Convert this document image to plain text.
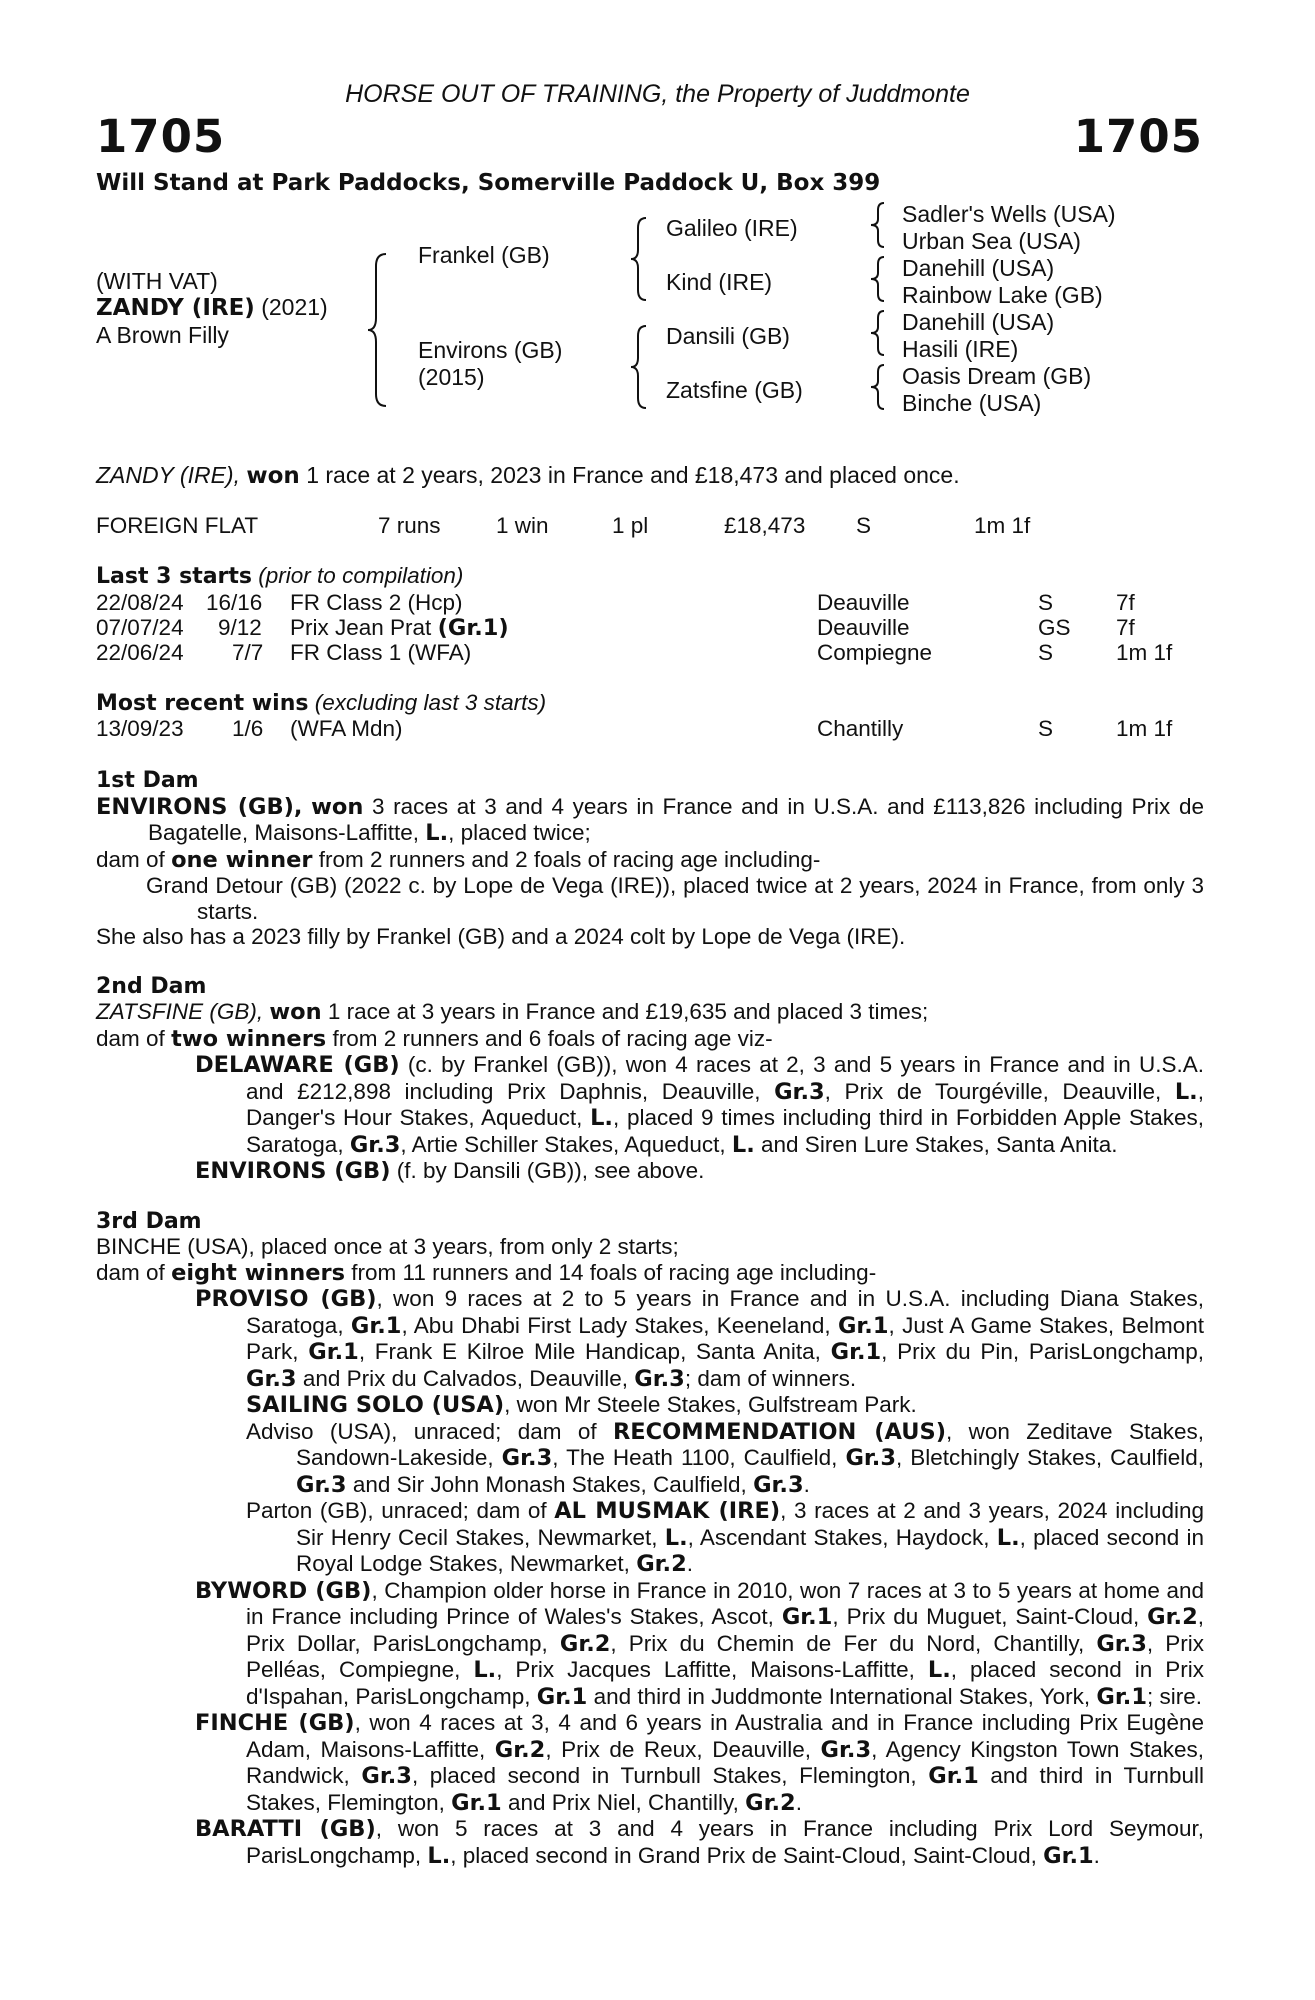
HORSE OUT OF TRAINING, the Property of Juddmonte
1705	1705
Will Stand at Park Paddocks, Somerville Paddock U, Box 399
(WITH VAT)
ZANDY (IRE) (2021)
A Brown Filly
Frankel (GB)
Environs (GB)
(2015)
Galileo (IRE)
Kind (IRE)
Dansili (GB)
Zatsfine (GB)
Sadler's Wells (USA)
Urban Sea (USA)
Danehill (USA)
Rainbow Lake (GB)
Danehill (USA)
Hasili (IRE)
Oasis Dream (GB)
Binche (USA)
ZANDY (IRE), won 1 race at 2 years, 2023 in France and £18,473 and placed once.
FOREIGN FLAT	7 runs 1 win	1 pl	£18,473 S	1m 1f
Last 3 starts (prior to compilation)
22/08/24 16/16 FR Class 2 (Hcp)	Deauville	S	7f
07/07/24 9/12 Prix Jean Prat (Gr.1)	Deauville	GS 7f
22/06/24 7/7 FR Class 1 (WFA)	Compiegne	S	1m 1f
Most recent wins (excluding last 3 starts)
13/09/23 1/6 (WFA Mdn)	Chantilly	S	1m 1f

1st Dam

ENVIRONS (GB), won 3 races at 3 and 4 years in France and in U.S.A. and £113,826 including Prix de Bagatelle, Maisons-Laffitte, L., placed twice;

dam of one winner from 2 runners and 2 foals of racing age including-

Grand Detour (GB) (2022 c. by Lope de Vega (IRE)), placed twice at 2 years, 2024 in France, from only 3 starts.

She also has a 2023 filly by Frankel (GB) and a 2024 colt by Lope de Vega (IRE).

2nd Dam

ZATSFINE (GB), won 1 race at 3 years in France and £19,635 and placed 3 times;

dam of two winners from 2 runners and 6 foals of racing age viz-

DELAWARE (GB) (c. by Frankel (GB)), won 4 races at 2, 3 and 5 years in France and in U.S.A. and £212,898 including Prix Daphnis, Deauville, Gr.3, Prix de Tourgéville, Deauville, L., Danger's Hour Stakes, Aqueduct, L., placed 9 times including third in Forbidden Apple Stakes, Saratoga, Gr.3, Artie Schiller Stakes, Aqueduct, L. and Siren Lure Stakes, Santa Anita.

ENVIRONS (GB) (f. by Dansili (GB)), see above.

3rd Dam

BINCHE (USA), placed once at 3 years, from only 2 starts;

dam of eight winners from 11 runners and 14 foals of racing age including-

PROVISO (GB), won 9 races at 2 to 5 years in France and in U.S.A. including Diana Stakes, Saratoga, Gr.1, Abu Dhabi First Lady Stakes, Keeneland, Gr.1, Just A Game Stakes, Belmont Park, Gr.1, Frank E Kilroe Mile Handicap, Santa Anita, Gr.1, Prix du Pin, ParisLongchamp, Gr.3 and Prix du Calvados, Deauville, Gr.3; dam of winners.

SAILING SOLO (USA), won Mr Steele Stakes, Gulfstream Park.

Adviso (USA), unraced; dam of RECOMMENDATION (AUS), won Zeditave Stakes, Sandown-Lakeside, Gr.3, The Heath 1100, Caulfield, Gr.3, Bletchingly Stakes, Caulfield, Gr.3 and Sir John Monash Stakes, Caulfield, Gr.3.

Parton (GB), unraced; dam of AL MUSMAK (IRE), 3 races at 2 and 3 years, 2024 including Sir Henry Cecil Stakes, Newmarket, L., Ascendant Stakes, Haydock, L., placed second in Royal Lodge Stakes, Newmarket, Gr.2.

BYWORD (GB), Champion older horse in France in 2010, won 7 races at 3 to 5 years at home and in France including Prince of Wales's Stakes, Ascot, Gr.1, Prix du Muguet, Saint-Cloud, Gr.2, Prix Dollar, ParisLongchamp, Gr.2, Prix du Chemin de Fer du Nord, Chantilly, Gr.3, Prix Pelléas, Compiegne, L., Prix Jacques Laffitte, Maisons-Laffitte, L., placed second in Prix d'Ispahan, ParisLongchamp, Gr.1 and third in Juddmonte International Stakes, York, Gr.1; sire.

FINCHE (GB), won 4 races at 3, 4 and 6 years in Australia and in France including Prix Eugène Adam, Maisons-Laffitte, Gr.2, Prix de Reux, Deauville, Gr.3, Agency Kingston Town Stakes, Randwick, Gr.3, placed second in Turnbull Stakes, Flemington, Gr.1 and third in Turnbull Stakes, Flemington, Gr.1 and Prix Niel, Chantilly, Gr.2.

BARATTI (GB), won 5 races at 3 and 4 years in France including Prix Lord Seymour, ParisLongchamp, L., placed second in Grand Prix de Saint-Cloud, Saint-Cloud, Gr.1.
